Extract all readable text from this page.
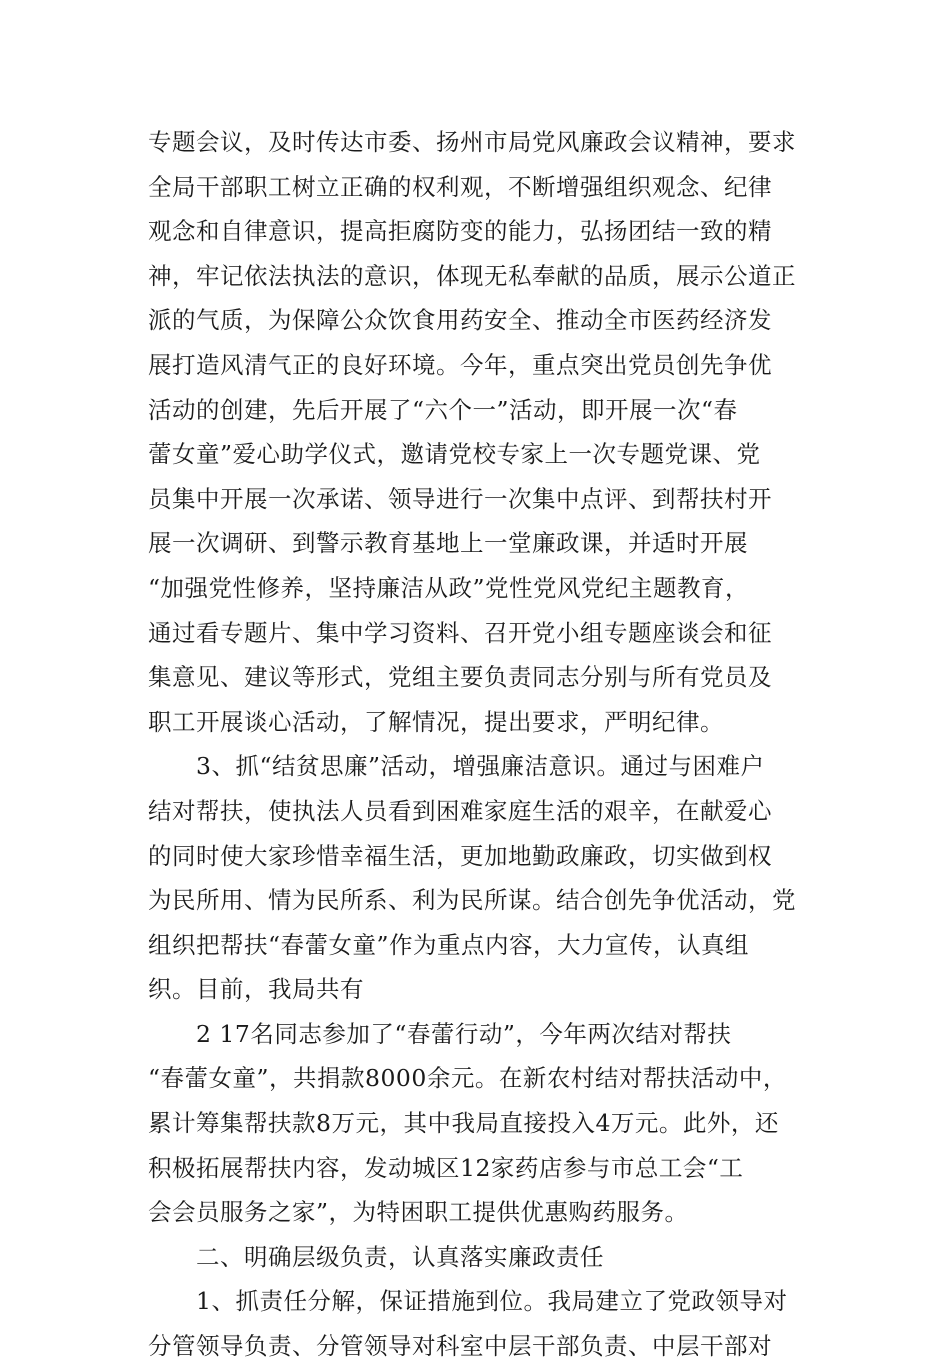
专题会议，及时传达市委、扬州市局党风廉政会议精神，要求
全局干部职工树立正确的权利观，不断增强组织观念、纪律
观念和自律意识，提高拒腐防变的能力，弘扬团结一致的精
神，牢记依法执法的意识，体现无私奉献的品质，展示公道正
派的气质，为保障公众饮食用药安全、推动全市医药经济发
展打造风清气正的良好环境。今年，重点突出党员创先争优
活动的创建，先后开展了“六个一”活动，即开展一次“春
蕾女童”爱心助学仪式，邀请党校专家上一次专题党课、党
员集中开展一次承诺、领导进行一次集中点评、到帮扶村开
展一次调研、到警示教育基地上一堂廉政课，并适时开展
“加强党性修养，坚持廉洁从政”党性党风党纪主题教育，
通过看专题片、集中学习资料、召开党小组专题座谈会和征
集意见、建议等形式，党组主要负责同志分别与所有党员及
职工开展谈心活动，了解情况，提出要求，严明纪律。
3、抓“结贫思廉”活动，增强廉洁意识。通过与困难户
结对帮扶，使执法人员看到困难家庭生活的艰辛，在献爱心
的同时使大家珍惜幸福生活，更加地勤政廉政，切实做到权
为民所用、情为民所系、利为民所谋。结合创先争优活动，党
组织把帮扶“春蕾女童”作为重点内容，大力宣传，认真组
织。目前，我局共有
2 17名同志参加了“春蕾行动”，今年两次结对帮扶
“春蕾女童”，共捐款8000余元。在新农村结对帮扶活动中，
累计筹集帮扶款8万元，其中我局直接投入4万元。此外，还
积极拓展帮扶内容，发动城区12家药店参与市总工会“工
会会员服务之家”，为特困职工提供优惠购药服务。
二、明确层级负责，认真落实廉政责任
1、抓责任分解，保证措施到位。我局建立了党政领导对
分管领导负责、分管领导对科室中层干部负责、中层干部对
